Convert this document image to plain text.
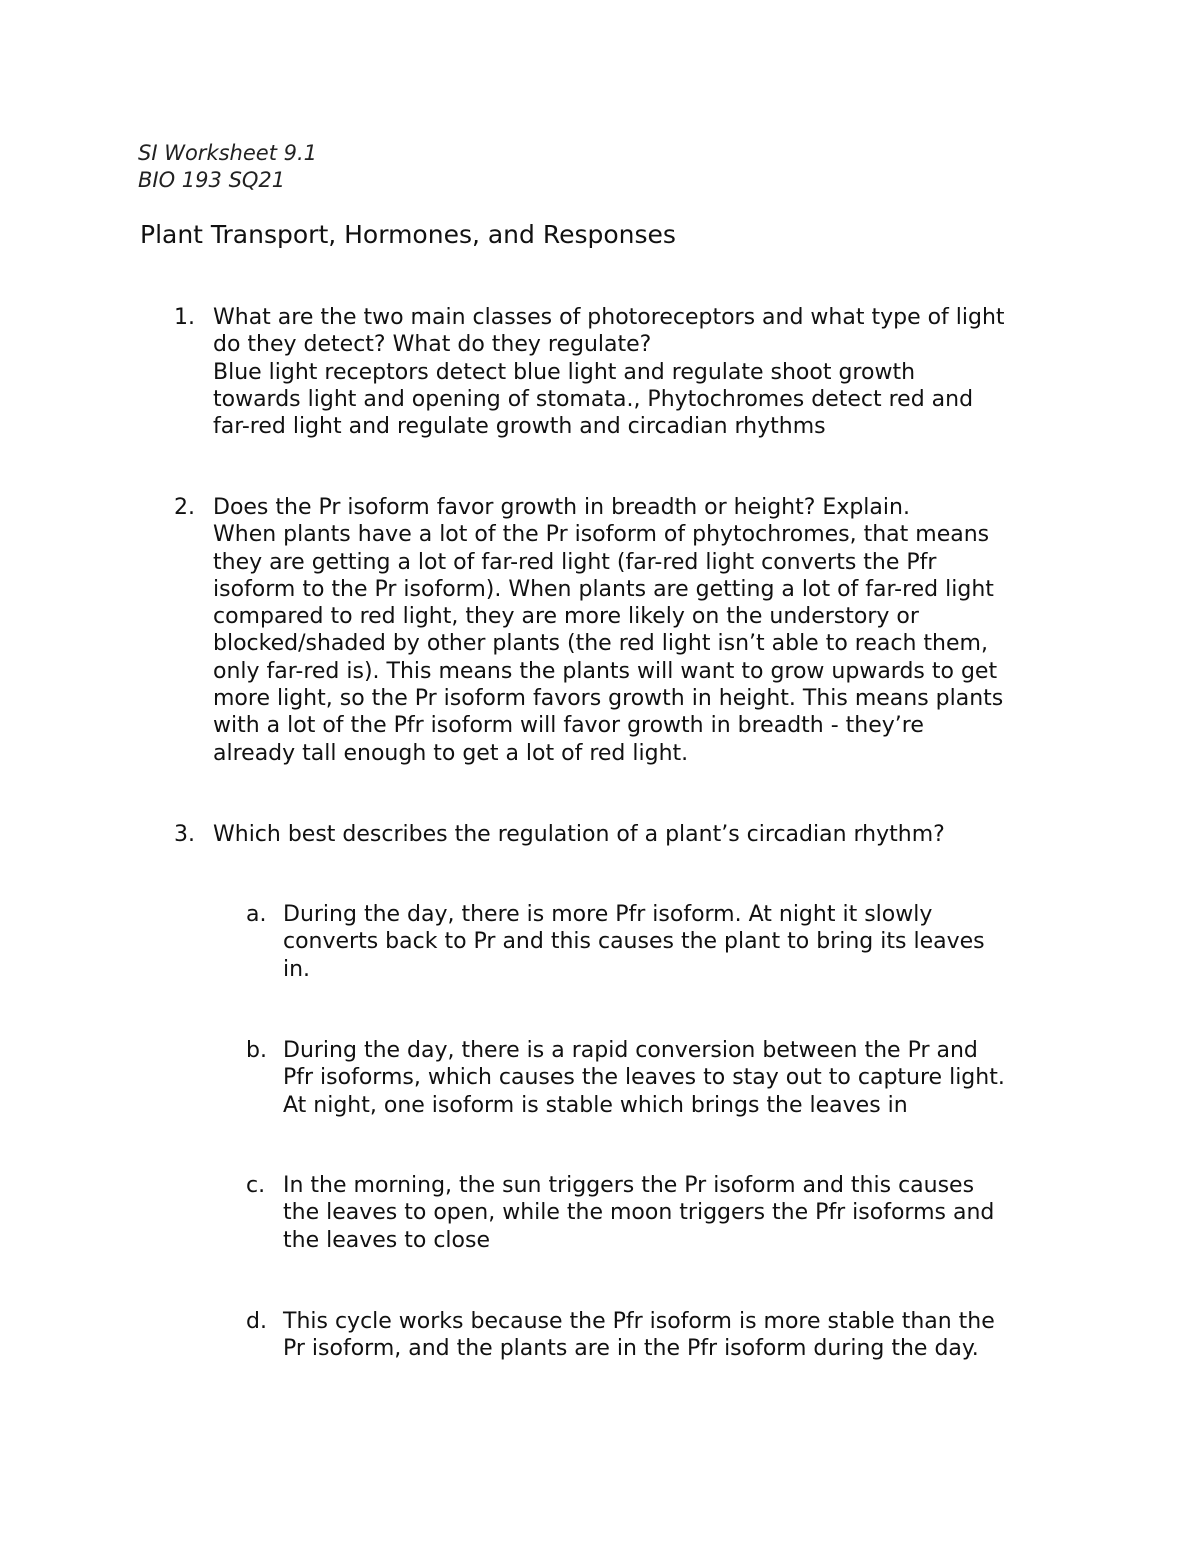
SI Worksheet 9.1
BIO 193 SQ21
Plant Transport, Hormones, and Responses
1. What are the two main classes of photoreceptors and what type of light

do they detect? What do they regulate?

Blue light receptors detect blue light and regulate shoot growth

towards light and opening of stomata., Phytochromes detect red and

far-red light and regulate growth and circadian rhythms

2. Does the Pr isoform favor growth in breadth or height? Explain.

When plants have a lot of the Pr isoform of phytochromes, that means

they are getting a lot of far-red light (far-red light converts the Pfr

isoform to the Pr isoform). When plants are getting a lot of far-red light

compared to red light, they are more likely on the understory or

blocked/shaded by other plants (the red light isn’t able to reach them,

only far-red is). This means the plants will want to grow upwards to get

more light, so the Pr isoform favors growth in height. This means plants

with a lot of the Pfr isoform will favor growth in breadth - they’re

already tall enough to get a lot of red light.

3. Which best describes the regulation of a plant’s circadian rhythm?

a. During the day, there is more Pfr isoform. At night it slowly

converts back to Pr and this causes the plant to bring its leaves

in.

b. During the day, there is a rapid conversion between the Pr and

Pfr isoforms, which causes the leaves to stay out to capture light.

At night, one isoform is stable which brings the leaves in

c. In the morning, the sun triggers the Pr isoform and this causes

the leaves to open, while the moon triggers the Pfr isoforms and

the leaves to close

d. This cycle works because the Pfr isoform is more stable than the

Pr isoform, and the plants are in the Pfr isoform during the day.
